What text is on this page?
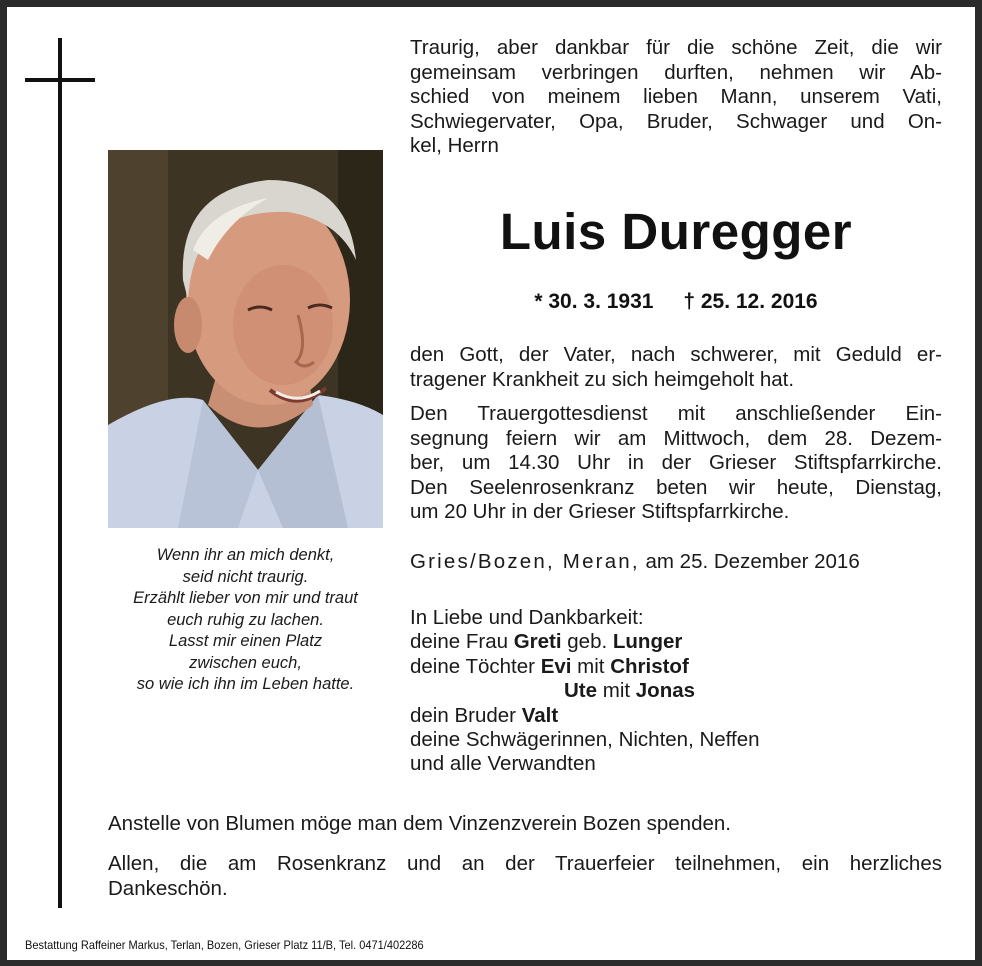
Wenn ihr an mich denkt,
seid nicht traurig.
Erzählt lieber von mir und traut
euch ruhig zu lachen.
Lasst mir einen Platz
zwischen euch,
so wie ich ihn im Leben hatte.
Traurig, aber dankbar für die schöne Zeit, die wir
gemeinsam verbringen durften, nehmen wir Ab-
schied von meinem lieben Mann, unserem Vati,
Schwiegervater, Opa, Bruder, Schwager und On-
kel, Herrn
Luis Duregger
* 30. 3. 1931 † 25. 12. 2016
den Gott, der Vater, nach schwerer, mit Geduld er-
tragener Krankheit zu sich heimgeholt hat.
Den Trauergottesdienst mit anschließender Ein-
segnung feiern wir am Mittwoch, dem 28. Dezem-
ber, um 14.30 Uhr in der Grieser Stiftspfarrkirche.
Den Seelenrosenkranz beten wir heute, Dienstag,
um 20 Uhr in der Grieser Stiftspfarrkirche.
Gries/Bozen, Meran, am 25. Dezember 2016
In Liebe und Dankbarkeit:
deine Frau Greti geb. Lunger
deine Töchter Evi mit Christof
Ute mit Jonas
dein Bruder Valt
deine Schwägerinnen, Nichten, Neffen
und alle Verwandten
Anstelle von Blumen möge man dem Vinzenzverein Bozen spenden.
Allen, die am Rosenkranz und an der Trauerfeier teilnehmen, ein herzliches
Dankeschön.
Bestattung Raffeiner Markus, Terlan, Bozen, Grieser Platz 11/B, Tel. 0471/402286
